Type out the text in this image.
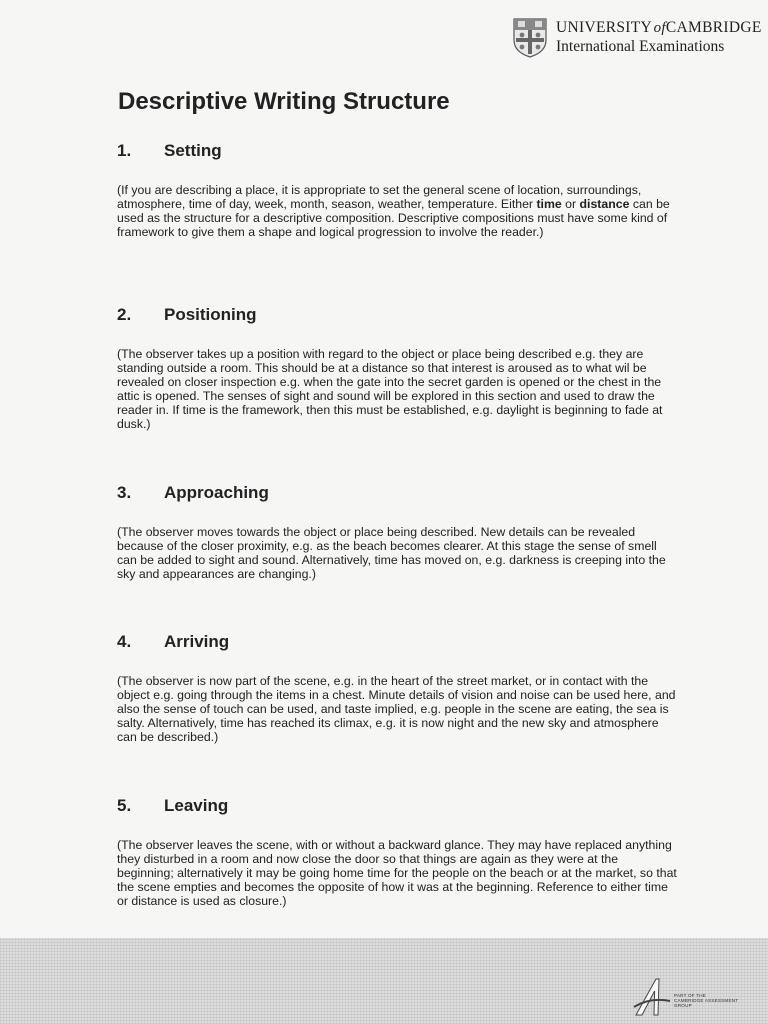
UNIVERSITY  ofCAMBRIDGE
International Examinations
Descriptive Writing Structure
1.	Setting
(If you are describing a place, it is appropriate to set the general scene of location, surroundings, atmosphere, time of day, week, month, season, weather, temperature. Either time or distance can be used as the structure for a descriptive composition. Descriptive compositions must have some kind of framework to give them a shape and logical progression to involve the reader.)
2.	Positioning
(The observer takes up a position with regard to the object or place being described e.g. they are standing outside a room. This should be at a distance so that interest is aroused as to what wil be revealed on closer inspection e.g. when the gate into the secret garden is opened or the chest in the attic is opened. The senses of sight and sound will be explored in this section and used to draw the reader in. If time is the framework, then this must be established, e.g. daylight is beginning to fade at dusk.)
3.	Approaching
(The observer moves towards the object or place being described. New details can be revealed because of the closer proximity, e.g. as the beach becomes clearer. At this stage the sense of smell can be added to sight and sound. Alternatively, time has moved on, e.g. darkness is creeping into the sky and appearances are changing.)
4.	Arriving
(The observer is now part of the scene, e.g. in the heart of the street market, or in contact with the object e.g. going through the items in a chest. Minute details of vision and noise can be used here, and also the sense of touch can be used, and taste implied, e.g. people in the scene are eating, the sea is salty. Alternatively, time has reached its climax, e.g. it is now night and the new sky and atmosphere can be described.)
5.	Leaving
(The observer leaves the scene, with or without a backward glance. They may have replaced anything they disturbed in a room and now close the door so that things are again as they were at the beginning; alternatively it may be going home time for the people on the beach or at the market, so that the scene empties and becomes the opposite of how it was at the beginning. Reference to either time or distance is used as closure.)
PART OF THE
CAMBRIDGE ASSESSMENT
GROUP
